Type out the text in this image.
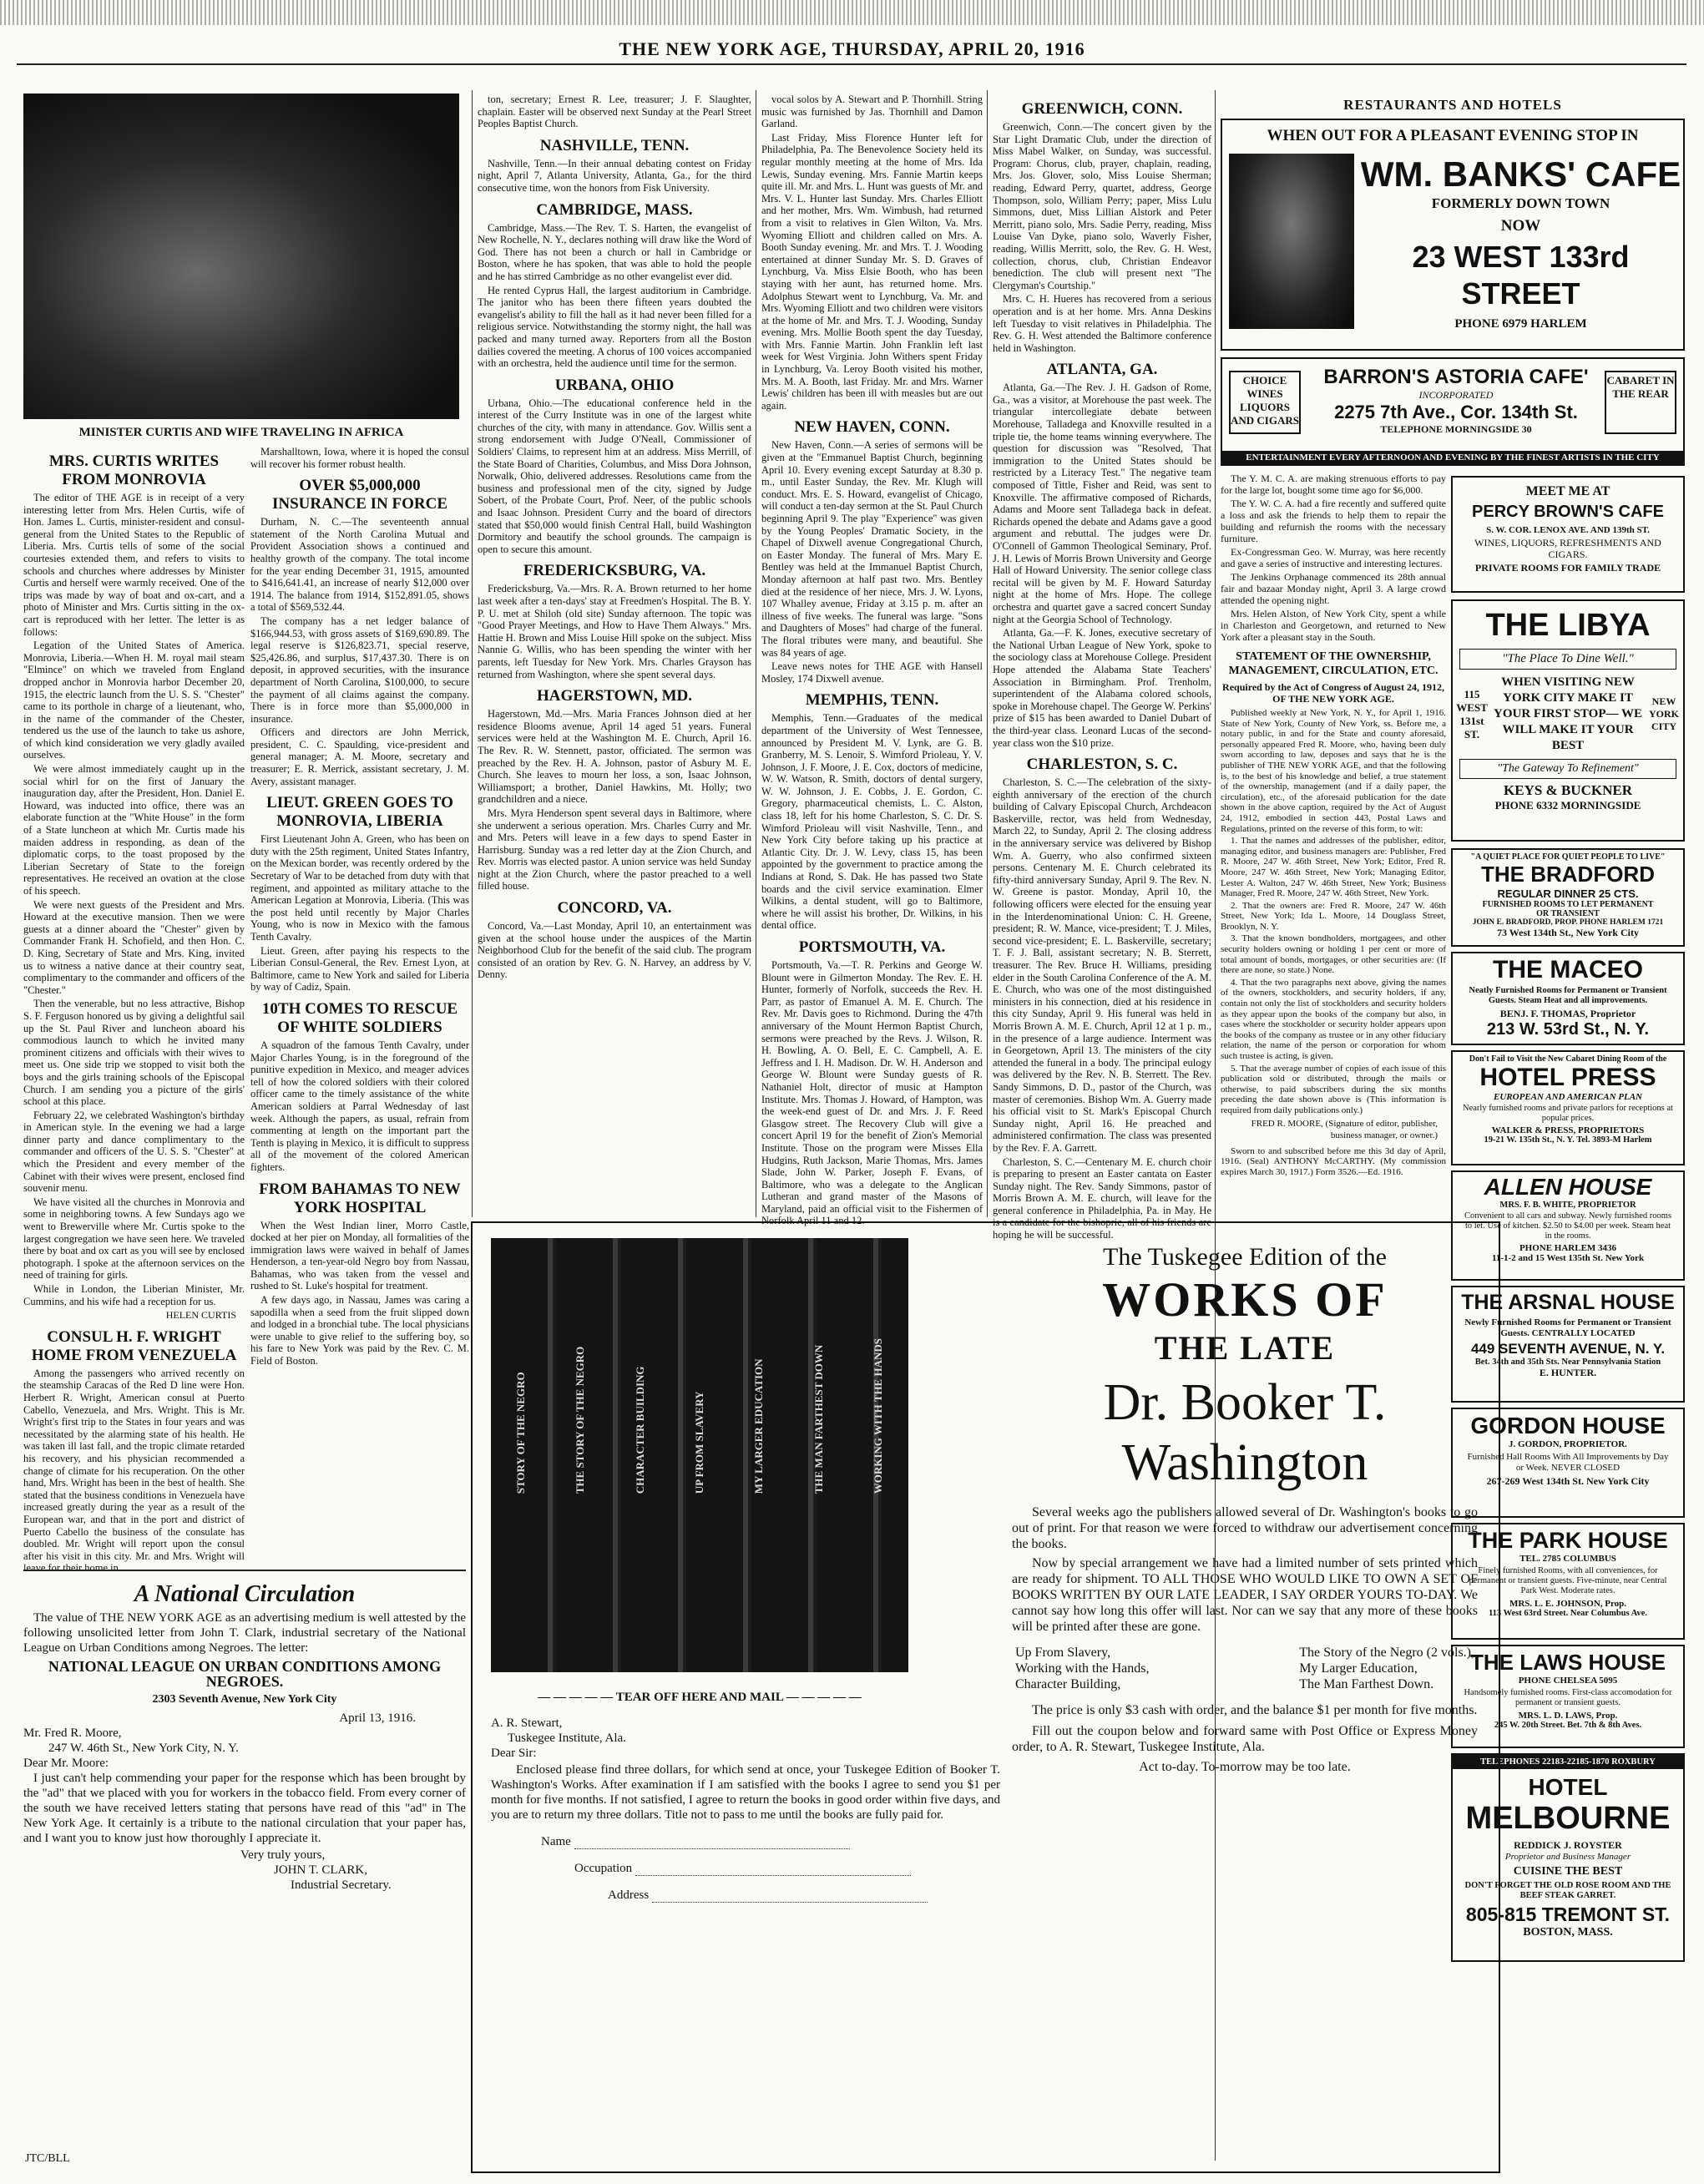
THE NEW YORK AGE, THURSDAY, APRIL 20, 1916
MINISTER CURTIS AND WIFE TRAVELING IN AFRICA
MRS. CURTIS WRITES FROM MONROVIA

The editor of THE AGE is in receipt of a very interesting letter from Mrs. Helen Curtis, wife of Hon. James L. Curtis, minister-resident and consul-general from the United States to the Republic of Liberia. Mrs. Curtis tells of some of the social courtesies extended them, and refers to visits to schools and churches where addresses by Minister Curtis and herself were warmly received. One of the trips was made by way of boat and ox-cart, and a photo of Minister and Mrs. Curtis sitting in the ox-cart is reproduced with her letter. The letter is as follows:

Legation of the United States of America. Monrovia, Liberia.—When H. M. royal mail steam "Elmince" on which we traveled from England dropped anchor in Monrovia harbor December 20, 1915, the electric launch from the U. S. S. "Chester" came to its porthole in charge of a lieutenant, who, in the name of the commander of the Chester, tendered us the use of the launch to take us ashore, of which kind consideration we very gladly availed ourselves.

We were almost immediately caught up in the social whirl for on the first of January the inauguration day, after the President, Hon. Daniel E. Howard, was inducted into office, there was an elaborate function at the "White House" in the form of a State luncheon at which Mr. Curtis made his maiden address in responding, as dean of the diplomatic corps, to the toast proposed by the Liberian Secretary of State to the foreign representatives. He received an ovation at the close of his speech.

We were next guests of the President and Mrs. Howard at the executive mansion. Then we were guests at a dinner aboard the "Chester" given by Commander Frank H. Schofield, and then Hon. C. D. King, Secretary of State and Mrs. King, invited us to witness a native dance at their country seat, complimentary to the commander and officers of the "Chester."

Then the venerable, but no less attractive, Bishop S. F. Ferguson honored us by giving a delightful sail up the St. Paul River and luncheon aboard his commodious launch to which he invited many prominent citizens and officials with their wives to meet us. One side trip we stopped to visit both the boys and the girls training schools of the Episcopal Church. I am sending you a picture of the girls' school at this place.

February 22, we celebrated Washington's birthday in American style. In the evening we had a large dinner party and dance complimentary to the commander and officers of the U. S. S. "Chester" at which the President and every member of the Cabinet with their wives were present, enclosed find souvenir menu.

We have visited all the churches in Monrovia and some in neighboring towns. A few Sundays ago we went to Brewerville where Mr. Curtis spoke to the largest congregation we have seen here. We traveled there by boat and ox cart as you will see by enclosed photograph. I spoke at the afternoon services on the need of training for girls.

While in London, the Liberian Minister, Mr. Cummins, and his wife had a reception for us.

HELEN CURTIS
CONSUL H. F. WRIGHT HOME FROM VENEZUELA

Among the passengers who arrived recently on the steamship Caracas of the Red D line were Hon. Herbert R. Wright, American consul at Puerto Cabello, Venezuela, and Mrs. Wright. This is Mr. Wright's first trip to the States in four years and was necessitated by the alarming state of his health. He was taken ill last fall, and the tropic climate retarded his recovery, and his physician recommended a change of climate for his recuperation. On the other hand, Mrs. Wright has been in the best of health. She stated that the business conditions in Venezuela have increased greatly during the year as a result of the European war, and that in the port and district of Puerto Cabello the business of the consulate has doubled. Mr. Wright will report upon the consul after his visit in this city. Mr. and Mrs. Wright will leave for their home in

Marshalltown, Iowa, where it is hoped the consul will recover his former robust health.

OVER $5,000,000 INSURANCE IN FORCE

Durham, N. C.—The seventeenth annual statement of the North Carolina Mutual and Provident Association shows a continued and healthy growth of the company. The total income for the year ending December 31, 1915, amounted to $416,641.41, an increase of nearly $12,000 over 1914. The balance from 1914, $152,891.05, shows a total of $569,532.44.

The company has a net ledger balance of $166,944.53, with gross assets of $169,690.89. The legal reserve is $126,823.71, special reserve, $25,426.86, and surplus, $17,437.30. There is on deposit, in approved securities, with the insurance department of North Carolina, $100,000, to secure the payment of all claims against the company. There is in force more than $5,000,000 in insurance.

Officers and directors are John Merrick, president, C. C. Spaulding, vice-president and general manager; A. M. Moore, secretary and treasurer; E. R. Merrick, assistant secretary, J. M. Avery, assistant manager.

LIEUT. GREEN GOES TO MONROVIA, LIBERIA

First Lieutenant John A. Green, who has been on duty with the 25th regiment, United States Infantry, on the Mexican border, was recently ordered by the Secretary of War to be detached from duty with that regiment, and appointed as military attache to the American Legation at Monrovia, Liberia. (This was the post held until recently by Major Charles Young, who is now in Mexico with the famous Tenth Cavalry.

Lieut. Green, after paying his respects to the Liberian Consul-General, the Rev. Ernest Lyon, at Baltimore, came to New York and sailed for Liberia by way of Cadiz, Spain.

10TH COMES TO RESCUE OF WHITE SOLDIERS

A squadron of the famous Tenth Cavalry, under Major Charles Young, is in the foreground of the punitive expedition in Mexico, and meager advices tell of how the colored soldiers with their colored officer came to the timely assistance of the white American soldiers at Parral Wednesday of last week. Although the papers, as usual, refrain from commenting at length on the important part the Tenth is playing in Mexico, it is difficult to suppress all of the movement of the colored American fighters.

FROM BAHAMAS TO NEW YORK HOSPITAL

When the West Indian liner, Morro Castle, docked at her pier on Monday, all formalities of the immigration laws were waived in behalf of James Henderson, a ten-year-old Negro boy from Nassau, Bahamas, who was taken from the vessel and rushed to St. Luke's hospital for treatment.

A few days ago, in Nassau, James was caring a sapodilla when a seed from the fruit slipped down and lodged in a bronchial tube. The local physicians were unable to give relief to the suffering boy, so his fare to New York was paid by the Rev. C. M. Field of Boston.

A National Circulation

The value of THE NEW YORK AGE as an advertising medium is well attested by the following unsolicited letter from John T. Clark, industrial secretary of the National League on Urban Conditions among Negroes. The letter:

NATIONAL LEAGUE ON URBAN CONDITIONS AMONG NEGROES.
2303 Seventh Avenue, New York City
April 13, 1916.
Mr. Fred R. Moore,
247 W. 46th St., New York City, N. Y.
Dear Mr. Moore:

I just can't help commending your paper for the response which has been brought by the "ad" that we placed with you for workers in the tobacco field. From every corner of the south we have received letters stating that persons have read of this "ad" in The New York Age. It certainly is a tribute to the national circulation that your paper has, and I want you to know just how thoroughly I appreciate it.

Very truly yours,
JOHN T. CLARK,
Industrial Secretary.
JTC/BLL

ton, secretary; Ernest R. Lee, treasurer; J. F. Slaughter, chaplain. Easter will be observed next Sunday at the Pearl Street Peoples Baptist Church.

NASHVILLE, TENN.

Nashville, Tenn.—In their annual debating contest on Friday night, April 7, Atlanta University, Atlanta, Ga., for the third consecutive time, won the honors from Fisk University.

CAMBRIDGE, MASS.

Cambridge, Mass.—The Rev. T. S. Harten, the evangelist of New Rochelle, N. Y., declares nothing will draw like the Word of God. There has not been a church or hall in Cambridge or Boston, where he has spoken, that was able to hold the people and he has stirred Cambridge as no other evangelist ever did.

He rented Cyprus Hall, the largest auditorium in Cambridge. The janitor who has been there fifteen years doubted the evangelist's ability to fill the hall as it had never been filled for a religious service. Notwithstanding the stormy night, the hall was packed and many turned away. Reporters from all the Boston dailies covered the meeting. A chorus of 100 voices accompanied with an orchestra, held the audience until time for the sermon.

URBANA, OHIO

Urbana, Ohio.—The educational conference held in the interest of the Curry Institute was in one of the largest white churches of the city, with many in attendance. Gov. Willis sent a strong endorsement with Judge O'Neall, Commissioner of Soldiers' Claims, to represent him at an address. Miss Merrill, of the State Board of Charities, Columbus, and Miss Dora Johnson, Norwalk, Ohio, delivered addresses. Resolutions came from the business and professional men of the city, signed by Judge Sobert, of the Probate Court, Prof. Neer, of the public schools and Isaac Johnson. President Curry and the board of directors stated that $50,000 would finish Central Hall, build Washington Dormitory and beautify the school grounds. The campaign is open to secure this amount.

FREDERICKSBURG, VA.

Fredericksburg, Va.—Mrs. R. A. Brown returned to her home last week after a ten-days' stay at Freedmen's Hospital. The B. Y. P. U. met at Shiloh (old site) Sunday afternoon. The topic was "Good Prayer Meetings, and How to Have Them Always." Mrs. Hattie H. Brown and Miss Louise Hill spoke on the subject. Miss Nannie G. Willis, who has been spending the winter with her parents, left Tuesday for New York. Mrs. Charles Grayson has returned from Washington, where she spent several days.

HAGERSTOWN, MD.

Hagerstown, Md.—Mrs. Maria Frances Johnson died at her residence Blooms avenue, April 14 aged 51 years. Funeral services were held at the Washington M. E. Church, April 16. The Rev. R. W. Stennett, pastor, officiated. The sermon was preached by the Rev. H. A. Johnson, pastor of Asbury M. E. Church. She leaves to mourn her loss, a son, Isaac Johnson, Williamsport; a brother, Daniel Hawkins, Mt. Holly; two grandchildren and a niece.

Mrs. Myra Henderson spent several days in Baltimore, where she underwent a serious operation. Mrs. Charles Curry and Mr. and Mrs. Peters will leave in a few days to spend Easter in Harrisburg. Sunday was a red letter day at the Zion Church, and Rev. Morris was elected pastor. A union service was held Sunday night at the Zion Church, where the pastor preached to a well filled house.

CONCORD, VA.

Concord, Va.—Last Monday, April 10, an entertainment was given at the school house under the auspices of the Martin Neighborhood Club for the benefit of the said club. The program consisted of an oration by Rev. G. N. Harvey, an address by V. Denny.

vocal solos by A. Stewart and P. Thornhill. String music was furnished by Jas. Thornhill and Damon Garland.

Last Friday, Miss Florence Hunter left for Philadelphia, Pa. The Benevolence Society held its regular monthly meeting at the home of Mrs. Ida Lewis, Sunday evening. Mrs. Fannie Martin keeps quite ill. Mr. and Mrs. L. Hunt was guests of Mr. and Mrs. V. L. Hunter last Sunday. Mrs. Charles Elliott and her mother, Mrs. Wm. Wimbush, had returned from a visit to relatives in Glen Wilton, Va. Mrs. Wyoming Elliott and children called on Mrs. A. Booth Sunday evening. Mr. and Mrs. T. J. Wooding entertained at dinner Sunday Mr. S. D. Graves of Lynchburg, Va. Miss Elsie Booth, who has been staying with her aunt, has returned home. Mrs. Adolphus Stewart went to Lynchburg, Va. Mr. and Mrs. Wyoming Elliott and two children were visitors at the home of Mr. and Mrs. T. J. Wooding, Sunday evening. Mrs. Mollie Booth spent the day Tuesday, with Mrs. Fannie Martin. John Franklin left last week for West Virginia. John Withers spent Friday in Lynchburg, Va. Leroy Booth visited his mother, Mrs. M. A. Booth, last Friday. Mr. and Mrs. Warner Lewis' children has been ill with measles but are out again.

NEW HAVEN, CONN.

New Haven, Conn.—A series of sermons will be given at the "Emmanuel Baptist Church, beginning April 10. Every evening except Saturday at 8.30 p. m., until Easter Sunday, the Rev. Mr. Klugh will conduct. Mrs. E. S. Howard, evangelist of Chicago, will conduct a ten-day sermon at the St. Paul Church beginning April 9. The play "Experience" was given by the Young Peoples' Dramatic Society, in the Chapel of Dixwell avenue Congregational Church, on Easter Monday. The funeral of Mrs. Mary E. Bentley was held at the Immanuel Baptist Church, Monday afternoon at half past two. Mrs. Bentley died at the residence of her niece, Mrs. J. W. Lyons, 107 Whalley avenue, Friday at 3.15 p. m. after an illness of five weeks. The funeral was large. "Sons and Daughters of Moses" had charge of the funeral. The floral tributes were many, and beautiful. She was 84 years of age.

Leave news notes for THE AGE with Hansell Mosley, 174 Dixwell avenue.

MEMPHIS, TENN.

Memphis, Tenn.—Graduates of the medical department of the University of West Tennessee, announced by President M. V. Lynk, are G. B. Granberry, M. S. Lenoir, S. Wimford Prioleau, Y. V. Johnson, J. F. Moore, J. E. Cox, doctors of medicine, W. W. Watson, R. Smith, doctors of dental surgery, W. W. Johnson, J. E. Cobbs, J. E. Gordon, C. Gregory, pharmaceutical chemists, L. C. Alston, class 18, left for his home Charleston, S. C. Dr. S. Wimford Prioleau will visit Nashville, Tenn., and New York City before taking up his practice at Atlantic City. Dr. J. W. Levy, class 15, has been appointed by the government to practice among the Indians at Rond, S. Dak. He has passed two State boards and the civil service examination. Elmer Wilkins, a dental student, will go to Baltimore, where he will assist his brother, Dr. Wilkins, in his dental office.

PORTSMOUTH, VA.

Portsmouth, Va.—T. R. Perkins and George W. Blount were in Gilmerton Monday. The Rev. E. H. Hunter, formerly of Norfolk, succeeds the Rev. H. Parr, as pastor of Emanuel A. M. E. Church. The Rev. Mr. Davis goes to Richmond. During the 47th anniversary of the Mount Hermon Baptist Church, sermons were preached by the Revs. J. Wilson, R. H. Bowling, A. O. Bell, E. C. Campbell, A. E. Jeffress and I. H. Madison. Dr. W. H. Anderson and George W. Blount were Sunday guests of R. Nathaniel Holt, director of music at Hampton Institute. Mrs. Thomas J. Howard, of Hampton, was the week-end guest of Dr. and Mrs. J. F. Reed Glasgow street. The Recovery Club will give a concert April 19 for the benefit of Zion's Memorial Institute. Those on the program were Misses Ella Hudgins, Ruth Jackson, Marie Thomas, Mrs. James Slade, John W. Parker, Joseph F. Evans, of Baltimore, who was a delegate to the Anglican Lutheran and grand master of the Masons of Maryland, paid an official visit to the Fishermen of Norfolk April 11 and 12.

GREENWICH, CONN.

Greenwich, Conn.—The concert given by the Star Light Dramatic Club, under the direction of Miss Mabel Walker, on Sunday, was successful. Program: Chorus, club, prayer, chaplain, reading, Mrs. Jos. Glover, solo, Miss Louise Sherman; reading, Edward Perry, quartet, address, George Thompson, solo, William Perry; paper, Miss Lulu Simmons, duet, Miss Lillian Alstork and Peter Merritt, piano solo, Mrs. Sadie Perry, reading, Miss Louise Van Dyke, piano solo, Waverly Fisher, reading, Willis Merritt, solo, the Rev. G. H. West, collection, chorus, club, Christian Endeavor benediction. The club will present next "The Clergyman's Courtship."

Mrs. C. H. Hueres has recovered from a serious operation and is at her home. Mrs. Anna Deskins left Tuesday to visit relatives in Philadelphia. The Rev. G. H. West attended the Baltimore conference held in Washington.

ATLANTA, GA.

Atlanta, Ga.—The Rev. J. H. Gadson of Rome, Ga., was a visitor, at Morehouse the past week. The triangular intercollegiate debate between Morehouse, Talladega and Knoxville resulted in a triple tie, the home teams winning everywhere. The question for discussion was "Resolved, That immigration to the United States should be restricted by a Literacy Test." The negative team composed of Tittle, Fisher and Reid, was sent to Knoxville. The affirmative composed of Richards, Adams and Moore sent Talladega back in defeat. Richards opened the debate and Adams gave a good argument and rebuttal. The judges were Dr. O'Connell of Gammon Theological Seminary, Prof. J. H. Lewis of Morris Brown University and George Hall of Howard University. The senior college class recital will be given by M. F. Howard Saturday night at the home of Mrs. Hope. The college orchestra and quartet gave a sacred concert Sunday night at the Georgia School of Technology.

Atlanta, Ga.—F. K. Jones, executive secretary of the National Urban League of New York, spoke to the sociology class at Morehouse College. President Hope attended the Alabama State Teachers' Association in Birmingham. Prof. Trenholm, superintendent of the Alabama colored schools, spoke in Morehouse chapel. The George W. Perkins' prize of $15 has been awarded to Daniel Dubart of the third-year class. Leonard Lucas of the second-year class won the $10 prize.

CHARLESTON, S. C.

Charleston, S. C.—The celebration of the sixty-eighth anniversary of the erection of the church building of Calvary Episcopal Church, Archdeacon Baskerville, rector, was held from Wednesday, March 22, to Sunday, April 2. The closing address in the anniversary service was delivered by Bishop Wm. A. Guerry, who also confirmed sixteen persons. Centenary M. E. Church celebrated its fifty-third anniversary Sunday, April 9. The Rev. N. W. Greene is pastor. Monday, April 10, the following officers were elected for the ensuing year in the Interdenominational Union: C. H. Greene, president; R. W. Mance, vice-president; T. J. Miles, second vice-president; E. L. Baskerville, secretary; T. F. J. Ball, assistant secretary; N. B. Sterrett, treasurer. The Rev. Bruce H. Williams, presiding elder in the South Carolina Conference of the A. M. E. Church, who was one of the most distinguished ministers in his connection, died at his residence in this city Sunday, April 9. His funeral was held in Morris Brown A. M. E. Church, April 12 at 1 p. m., in the presence of a large audience. Interment was in Georgetown, April 13. The ministers of the city attended the funeral in a body. The principal eulogy was delivered by the Rev. N. B. Sterrett. The Rev. Sandy Simmons, D. D., pastor of the Church, was master of ceremonies. Bishop Wm. A. Guerry made his official visit to St. Mark's Episcopal Church Sunday night, April 16. He preached and administered confirmation. The class was presented by the Rev. F. A. Garrett.

Charleston, S. C.—Centenary M. E. church choir is preparing to present an Easter cantata on Easter Sunday night. The Rev. Sandy Simmons, pastor of Morris Brown A. M. E. church, will leave for the general conference in Philadelphia, Pa. in May. He is a candidate for the bishopric, all of his friends are hoping he will be successful.

RESTAURANTS AND HOTELS
WHEN OUT FOR A PLEASANT EVENING STOP IN
WM. BANKS' CAFE
FORMERLY DOWN TOWN
NOW
23 WEST 133rd STREET
PHONE 6979 HARLEM
CHOICE WINES LIQUORS AND CIGARS
BARRON'S ASTORIA CAFE'
INCORPORATED
2275 7th Ave., Cor. 134th St.
TELEPHONE MORNINGSIDE 30
CABARET IN THE REAR
ENTERTAINMENT EVERY AFTERNOON AND EVENING BY THE FINEST ARTISTS IN THE CITY

The Y. M. C. A. are making strenuous efforts to pay for the large lot, bought some time ago for $6,000.

The Y. W. C. A. had a fire recently and suffered quite a loss and ask the friends to help them to repair the building and refurnish the rooms with the necessary furniture.

Ex-Congressman Geo. W. Murray, was here recently and gave a series of instructive and interesting lectures.

The Jenkins Orphanage commenced its 28th annual fair and bazaar Monday night, April 3. A large crowd attended the opening night.

Mrs. Helen Alston, of New York City, spent a while in Charleston and Georgetown, and returned to New York after a pleasant stay in the South.

STATEMENT OF THE OWNERSHIP, MANAGEMENT, CIRCULATION, ETC.
Required by the Act of Congress of August 24, 1912, OF THE NEW YORK AGE.

Published weekly at New York, N. Y., for April 1, 1916. State of New York, County of New York, ss. Before me, a notary public, in and for the State and county aforesaid, personally appeared Fred R. Moore, who, having been duly sworn according to law, deposes and says that he is the publisher of THE NEW YORK AGE, and that the following is, to the best of his knowledge and belief, a true statement of the ownership, management (and if a daily paper, the circulation), etc., of the aforesaid publication for the date shown in the above caption, required by the Act of August 24, 1912, embodied in section 443, Postal Laws and Regulations, printed on the reverse of this form, to wit:

1. That the names and addresses of the publisher, editor, managing editor, and business managers are: Publisher, Fred R. Moore, 247 W. 46th Street, New York; Editor, Fred R. Moore, 247 W. 46th Street, New York; Managing Editor, Lester A. Walton, 247 W. 46th Street, New York; Business Manager, Fred R. Moore, 247 W. 46th Street, New York.

2. That the owners are: Fred R. Moore, 247 W. 46th Street, New York; Ida L. Moore, 14 Douglass Street, Brooklyn, N. Y.

3. That the known bondholders, mortgagees, and other security holders owning or holding 1 per cent or more of total amount of bonds, mortgages, or other securities are: (If there are none, so state.) None.

4. That the two paragraphs next above, giving the names of the owners, stockholders, and security holders, if any, contain not only the list of stockholders and security holders as they appear upon the books of the company but also, in cases where the stockholder or security holder appears upon the books of the company as trustee or in any other fiduciary relation, the name of the person or corporation for whom such trustee is acting, is given.

5. That the average number of copies of each issue of this publication sold or distributed, through the mails or otherwise, to paid subscribers during the six months preceding the date shown above is (This information is required from daily publications only.)

FRED R. MOORE, (Signature of editor, publisher, business manager, or owner.)

Sworn to and subscribed before me this 3d day of April, 1916. (Seal) ANTHONY McCARTHY. (My commission expires March 30, 1917.) Form 3526.—Ed. 1916.

MEET ME AT
PERCY BROWN'S CAFE
S. W. COR. LENOX AVE. AND 139th ST.
WINES, LIQUORS, REFRESHMENTS AND CIGARS.
PRIVATE ROOMS FOR FAMILY TRADE
THE LIBYA
"The Place To Dine Well."
115 WEST 131st ST.
WHEN VISITING NEW YORK CITY MAKE IT YOUR FIRST STOP— WE WILL MAKE IT YOUR BEST
NEW YORK CITY
"The Gateway To Refinement"
KEYS & BUCKNER
PHONE 6332 MORNINGSIDE
"A QUIET PLACE FOR QUIET PEOPLE TO LIVE"
THE BRADFORD
REGULAR DINNER 25 CTS.
FURNISHED ROOMS TO LET PERMANENT OR TRANSIENT
JOHN E. BRADFORD, PROP. PHONE HARLEM 1721
73 West 134th St., New York City
THE MACEO
Neatly Furnished Rooms for Permanent or Transient Guests. Steam Heat and all improvements.
BENJ. F. THOMAS, Proprietor
213 W. 53rd St., N. Y.
Don't Fail to Visit the New Cabaret Dining Room of the
HOTEL PRESS
EUROPEAN AND AMERICAN PLAN
Nearly furnished rooms and private parlors for receptions at popular prices.
WALKER & PRESS, PROPRIETORS
19-21 W. 135th St., N. Y. Tel. 3893-M Harlem
ALLEN HOUSE
MRS. F. B. WHITE, PROPRIETOR
Convenient to all cars and subway. Newly furnished rooms to let. Use of kitchen. $2.50 to $4.00 per week. Steam heat in the rooms.
PHONE HARLEM 3436
11-1-2 and 15 West 135th St. New York
THE ARSNAL HOUSE
Newly Furnished Rooms for Permanent or Transient Guests. CENTRALLY LOCATED
449 SEVENTH AVENUE, N. Y.
Bet. 34th and 35th Sts. Near Pennsylvania Station
E. HUNTER.
GORDON HOUSE
J. GORDON, PROPRIETOR.
Furnished Hall Rooms With All Improvements by Day or Week. NEVER CLOSED
267-269 West 134th St. New York City
THE PARK HOUSE
TEL. 2785 COLUMBUS
Finely furnished Rooms, with all conveniences, for permanent or transient guests. Five-minute, near Central Park West. Moderate rates.
MRS. L. E. JOHNSON, Prop.
113 West 63rd Street. Near Columbus Ave.
THE LAWS HOUSE
PHONE CHELSEA 5095
Handsomely furnished rooms. First-class accomodation for permanent or transient guests.
MRS. L. D. LAWS, Prop.
245 W. 20th Street. Bet. 7th & 8th Aves.
TELEPHONES 22183-22185-1870 ROXBURY
HOTEL
MELBOURNE
REDDICK J. ROYSTER
Proprietor and Business Manager
CUISINE THE BEST
DON'T FORGET THE OLD ROSE ROOM AND THE BEEF STEAK GARRET.
805-815 TREMONT ST.
BOSTON, MASS.
STORY OF THE NEGRO	THE STORY OF THE NEGRO	CHARACTER BUILDING	UP FROM SLAVERY	MY LARGER EDUCATION	THE MAN FARTHEST DOWN	WORKING WITH THE HANDS
— — — — — TEAR OFF HERE AND MAIL — — — — —
A. R. Stewart,
Tuskegee Institute, Ala.
Dear Sir:

Enclosed please find three dollars, for which send at once, your Tuskegee Edition of Booker T. Washington's Works. After examination if I am satisfied with the books I agree to send you $1 per month for five months. If not satisfied, I agree to return the books in good order within five days, and you are to return my three dollars. Title not to pass to me until the books are fully paid for.

Name
Occupation
Address
The Tuskegee Edition of the
WORKS OF
THE LATE
Dr. Booker T. Washington

Several weeks ago the publishers allowed several of Dr. Washington's books to go out of print. For that reason we were forced to withdraw our advertisement concerning the books.

Now by special arrangement we have had a limited number of sets printed which are ready for shipment. TO ALL THOSE WHO WOULD LIKE TO OWN A SET OF BOOKS WRITTEN BY OUR LATE LEADER, I SAY ORDER YOURS TO-DAY. We cannot say how long this offer will last. Nor can we say that any more of these books will be printed after these are gone.

Up From Slavery,
Working with the Hands,
Character Building,
The Story of the Negro (2 vols.),
My Larger Education,
The Man Farthest Down.

The price is only $3 cash with order, and the balance $1 per month for five months.

Fill out the coupon below and forward same with Post Office or Express Money order, to A. R. Stewart, Tuskegee Institute, Ala.

Act to-day. To-morrow may be too late.
